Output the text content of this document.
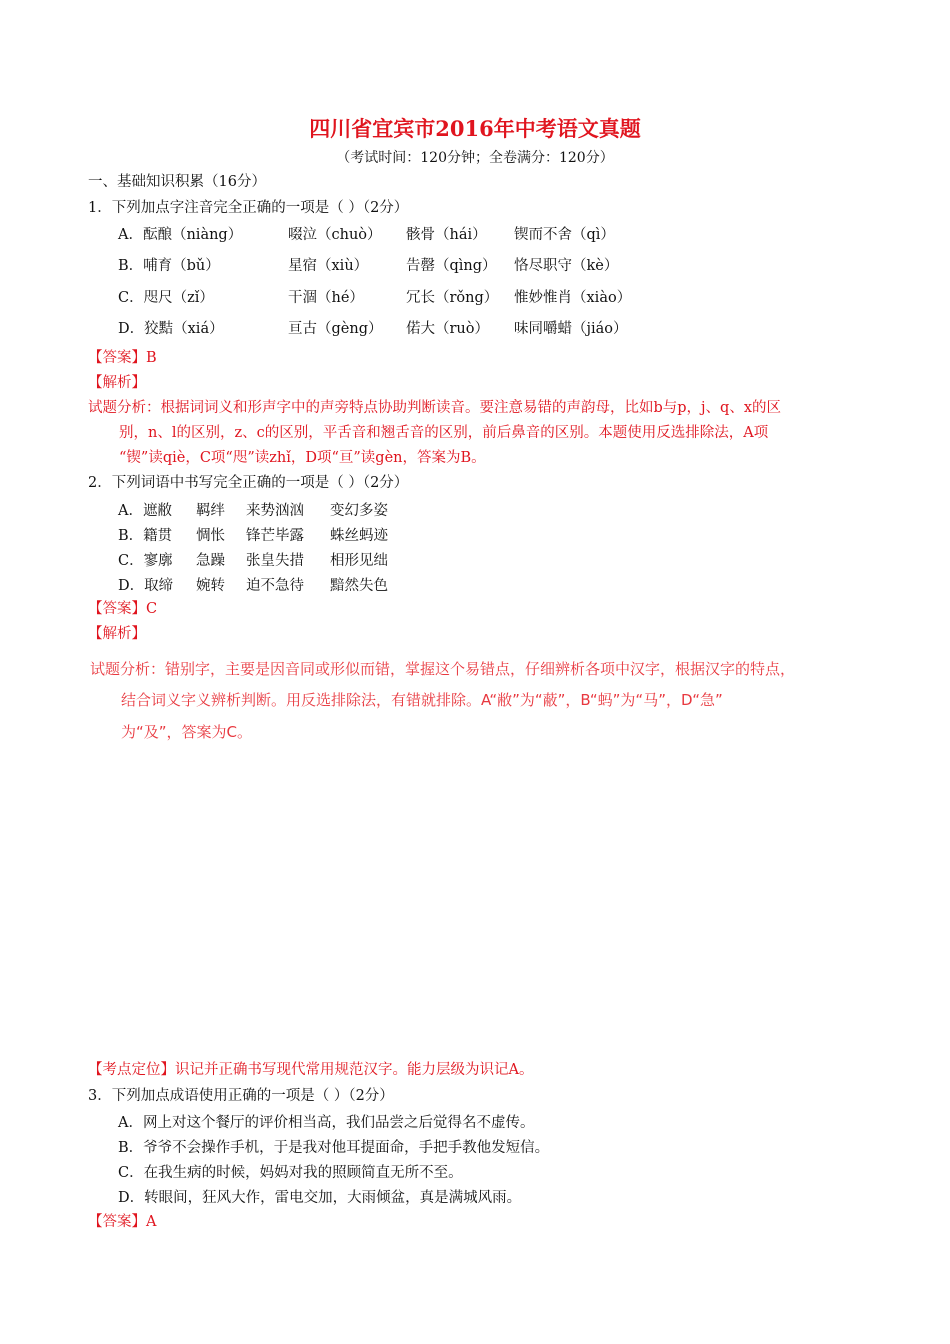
四川省宜宾市2016年中考语文真题
（考试时间：120分钟；全卷满分：120分）
一、基础知识积累（16分）
1．下列加点字注音完全正确的一项是（ ）（2分）
A．酝酿（niàng）	啜泣（chuò） 骸骨（hái） 锲而不舍（qì）
B．哺育（bǔ）	星宿（xiù）	告罄（qìng） 恪尽职守（kè）
C．咫尺（zǐ）	干涸（hé）	冗长（rǒng） 惟妙惟肖（xiào）
D．狡黠（xiá）	亘古（gèng） 偌大（ruò） 味同嚼蜡（jiáo）
【答案】B
【解析】
试题分析：根据词词义和形声字中的声旁特点协助判断读音。要注意易错的声韵母，比如b与p，j、q、x的区
别，n、l的区别，z、c的区别，平舌音和翘舌音的区别，前后鼻音的区别。本题使用反选排除法，A项
“锲”读qiè，C项“咫”读zhǐ，D项“亘”读gèn，答案为B。
2．下列词语中书写完全正确的一项是（ ）（2分）
A．遮敝 羁绊 来势汹汹 变幻多姿
B．籍贯 惆怅 锋芒毕露 蛛丝蚂迹
C．寥廓 急躁 张皇失措 相形见绌
D．取缔 婉转 迫不急待 黯然失色
【答案】C
【解析】
试题分析：错别字，主要是因音同或形似而错，掌握这个易错点，仔细辨析各项中汉字，根据汉字的特点，
结合词义字义辨析判断。用反选排除法，有错就排除。A“敝”为“蔽”，B“蚂”为“马”，D“急”
为“及”，答案为C。
【考点定位】识记并正确书写现代常用规范汉字。能力层级为识记A。
3．下列加点成语使用正确的一项是（ ）（2分）
A．网上对这个餐厅的评价相当高，我们品尝之后觉得名不虚传。
B．爷爷不会操作手机，于是我对他耳提面命，手把手教他发短信。
C．在我生病的时候，妈妈对我的照顾简直无所不至。
D．转眼间，狂风大作，雷电交加，大雨倾盆，真是满城风雨。
【答案】A
